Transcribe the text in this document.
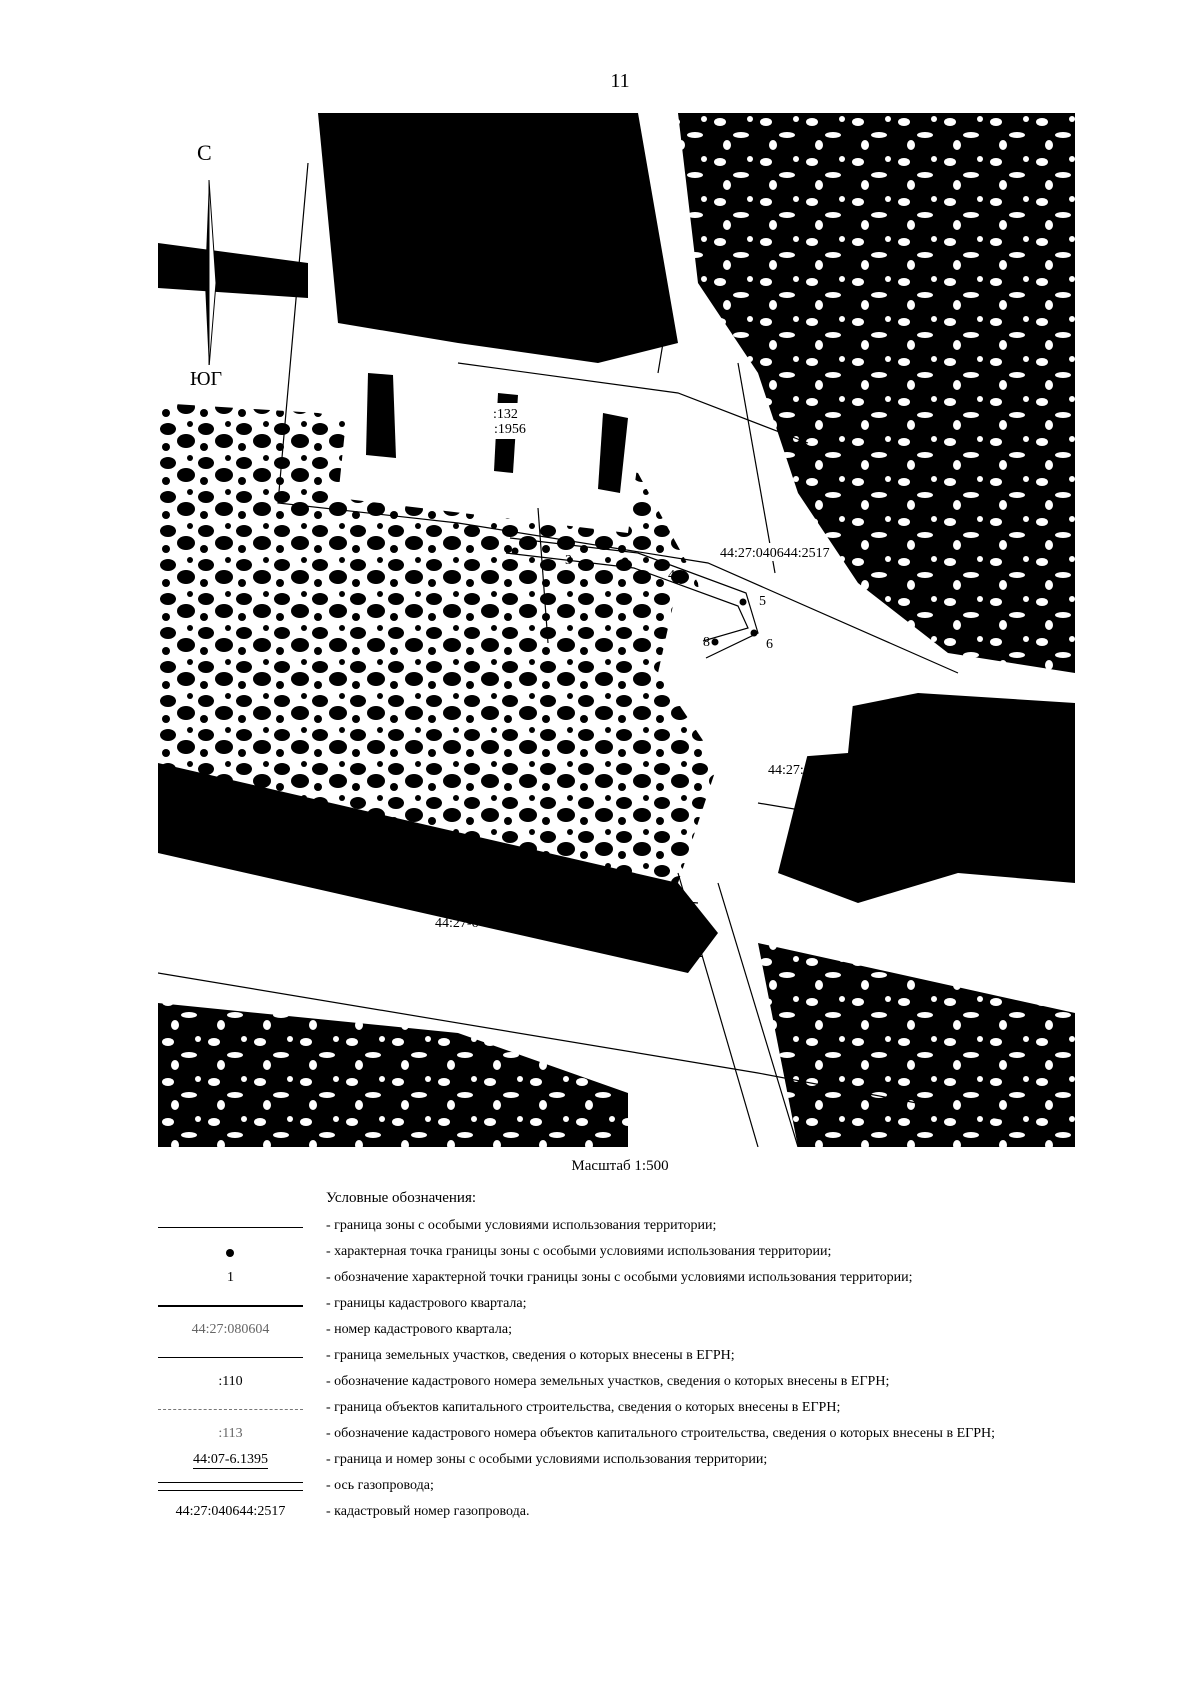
11
С
ЮГ
:132
:1956
3
4
5
6
8
44:27:040644:2517
44:27-6
44:27:0
1:62
Масштаб 1:500
Условные обозначения:
- граница зоны с особыми условиями использования территории;
- характерная точка границы зоны с особыми условиями использования территории;
1	- обозначение характерной точки границы зоны с особыми условиями использования территории;
- границы кадастрового квартала;
44:27:080604	- номер кадастрового квартала;
- граница земельных участков, сведения о которых внесены в ЕГРН;
:110	- обозначение кадастрового номера земельных участков, сведения о которых внесены в ЕГРН;
- граница объектов капитального строительства, сведения о которых внесены в ЕГРН;
:113	- обозначение кадастрового номера объектов капитального строительства, сведения о которых внесены в ЕГРН;
44:07-6.1395	- граница и номер зоны с особыми условиями использования территории;
- ось газопровода;
44:27:040644:2517	- кадастровый номер газопровода.
